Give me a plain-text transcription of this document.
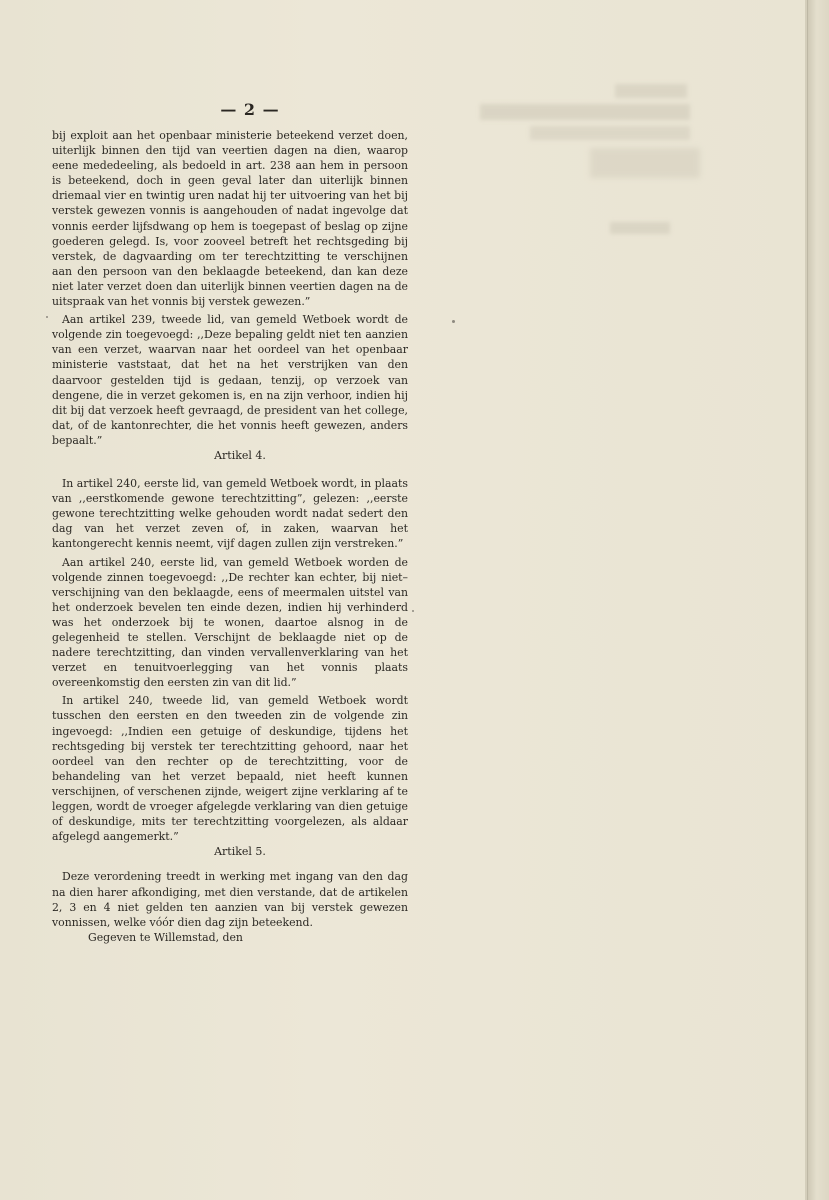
— 2 —

bij exploit aan het openbaar ministerie beteekend verzet doen, uiterlijk binnen den tijd van veertien dagen na dien, waarop eene mededeeling, als bedoeld in art. 238 aan hem in persoon is beteekend, doch in geen geval later dan uiterlijk binnen driemaal vier en twintig uren nadat hij ter uitvoering van het bij verstek gewezen vonnis is aangehouden of nadat ingevolge dat vonnis eerder lijfsdwang op hem is toegepast of beslag op zijne goederen gelegd. Is, voor zooveel betreft het rechtsgeding bij verstek, de dagvaarding om ter terechtzitting te verschijnen aan den persoon van den beklaagde beteekend, dan kan deze niet later verzet doen dan uiterlijk binnen veertien dagen na de uitspraak van het vonnis bij verstek gewezen.”

Aan artikel 239, tweede lid, van gemeld Wetboek wordt de volgende zin toegevoegd: ,,Deze bepaling geldt niet ten aanzien van een verzet, waarvan naar het oordeel van het openbaar ministerie vaststaat, dat het na het verstrijken van den daarvoor gestelden tijd is gedaan, tenzij, op verzoek van dengene, die in verzet gekomen is, en na zijn verhoor, indien hij dit bij dat verzoek heeft gevraagd, de president van het college, dat, of de kantonrechter, die het vonnis heeft gewezen, anders bepaalt.”

Artikel 4.

In artikel 240, eerste lid, van gemeld Wetboek wordt, in plaats van ,,eerstkomende gewone terechtzitting”, gelezen: ,,eerste gewone terechtzitting welke gehouden wordt nadat sedert den dag van het verzet zeven of, in zaken, waarvan het kantongerecht kennis neemt, vijf dagen zullen zijn verstreken.”

Aan artikel 240, eerste lid, van gemeld Wetboek worden de volgende zinnen toegevoegd: ,,De rechter kan echter, bij niet–verschijning van den beklaagde, eens of meermalen uitstel van het onderzoek bevelen ten einde dezen, indien hij verhinderd was het onderzoek bij te wonen, daartoe alsnog in de gelegenheid te stellen. Verschijnt de beklaagde niet op de nadere terechtzitting, dan vinden vervallenverklaring van het verzet en tenuitvoerlegging van het vonnis plaats overeenkomstig den eersten zin van dit lid.”

In artikel 240, tweede lid, van gemeld Wetboek wordt tusschen den eersten en den tweeden zin de volgende zin ingevoegd: ,,Indien een getuige of deskundige, tijdens het rechtsgeding bij verstek ter terechtzitting gehoord, naar het oordeel van den rechter op de terechtzitting, voor de behandeling van het verzet bepaald, niet heeft kunnen verschijnen, of verschenen zijnde, weigert zijne verklaring af te leggen, wordt de vroeger afgelegde verklaring van dien getuige of deskundige, mits ter terechtzitting voorgelezen, als aldaar afgelegd aangemerkt.”

Artikel 5.

Deze verordening treedt in werking met ingang van den dag na dien harer afkondiging, met dien verstande, dat de artikelen 2, 3 en 4 niet gelden ten aanzien van bij verstek gewezen vonnissen, welke vóór dien dag zijn beteekend.

Gegeven te Willemstad, den
